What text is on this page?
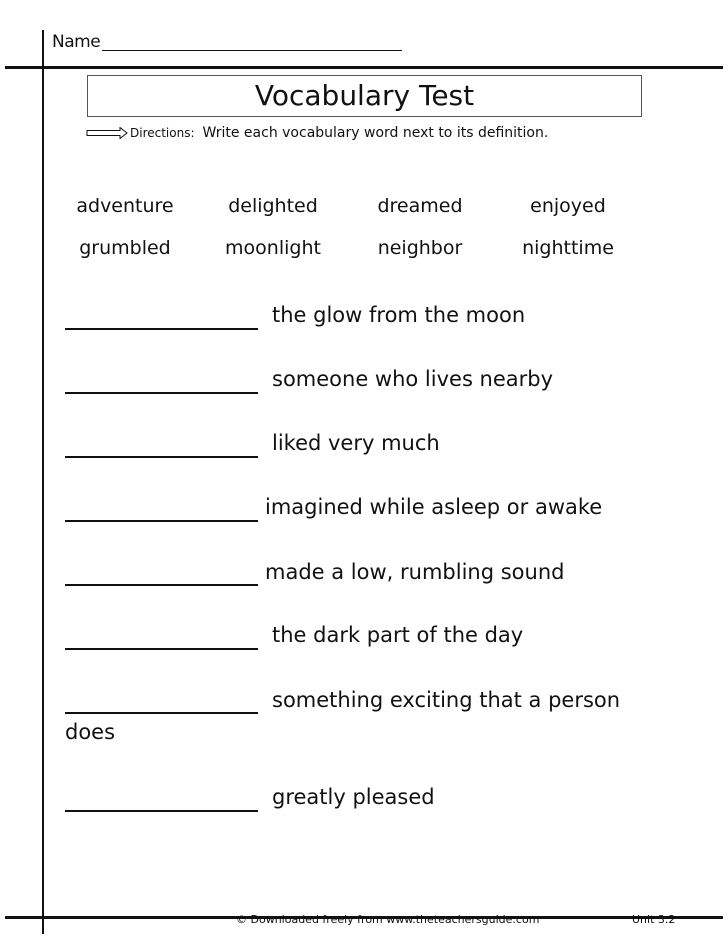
Name
Vocabulary Test
Directions: Write each vocabulary word next to its definition.
adventure	delighted	dreamed	enjoyed
grumbled	moonlight	neighbor	nighttime
the glow from the moon
someone who lives nearby
liked very much
imagined while asleep or awake
made a low, rumbling sound
the dark part of the day
something exciting that a person
does
greatly pleased
© Downloaded freely from www.theteachersguide.com	Unit 3.2
